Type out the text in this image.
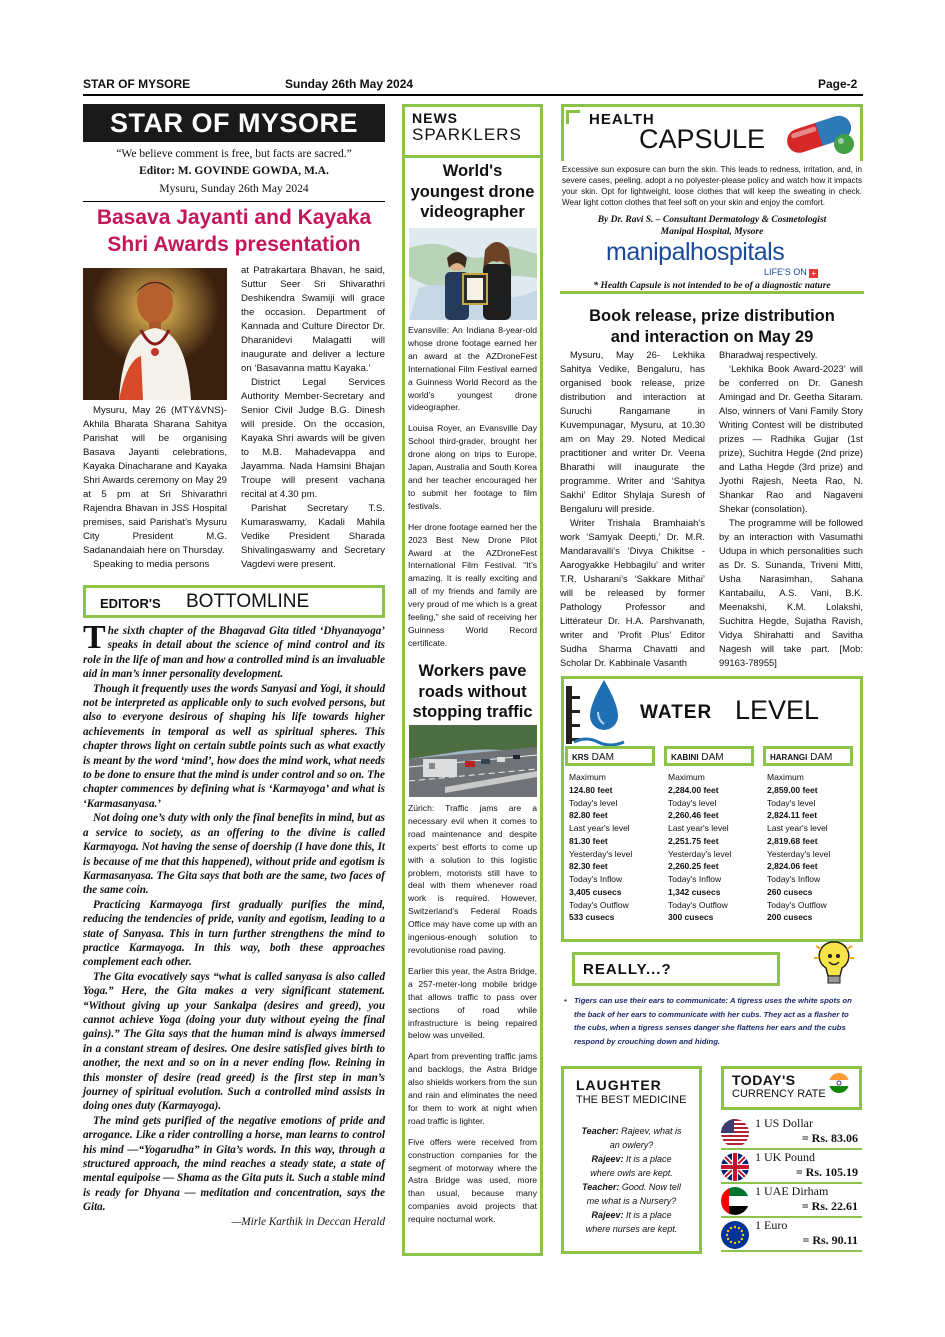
STAR OF MYSORE	Sunday 26th May 2024	Page-2
STAR OF MYSORE
“We believe comment is free, but facts are sacred.”
Editor: M. GOVINDE GOWDA, M.A.
Mysuru, Sunday 26th May 2024
Basava Jayanti and Kayaka
Shri Awards presentation

Mysuru, May 26 (MTY&VNS)- Akhila Bharata Sharana Sahitya Parishat will be organising Basava Jayanti celebrations, Kayaka Dinacharane and Kayaka Shri Awards ceremony on May 29 at 5 pm at Sri Shivarathri Rajendra Bhavan in JSS Hospital premises, said Parishat’s Mysuru City President M.G. Sadanandaiah here on Thursday.

Speaking to media persons

at Patrakartara Bhavan, he said, Suttur Seer Sri Shivarathri Deshikendra Swamiji will grace the occasion. Department of Kannada and Culture Director Dr. Dharanidevi Malagatti will inaugurate and deliver a lecture on ‘Basavanna mattu Kayaka.’

District Legal Services Authority Member-Secretary and Senior Civil Judge B.G. Dinesh will preside. On the occasion, Kayaka Shri awards will be given to M.B. Mahadevappa and Jayamma. Nada Hamsini Bhajan Troupe will present vachana recital at 4.30 pm.

Parishat Secretary T.S. Kumaraswamy, Kadali Mahila Vedike President Sharada Shivalingaswamy and Secretary Vagdevi were present.

EDITOR'S BOTTOMLINE

The sixth chapter of the Bhagavad Gita titled ‘Dhyanayoga’ speaks in detail about the science of mind control and its role in the life of man and how a controlled mind is an invaluable aid in man’s inner personality development.

Though it frequently uses the words Sanyasi and Yogi, it should not be interpreted as applicable only to such evolved persons, but also to everyone desirous of shaping his life towards higher achievements in temporal as well as spiritual spheres. This chapter throws light on certain subtle points such as what exactly is meant by the word ‘mind’, how does the mind work, what needs to be done to ensure that the mind is under control and so on. The chapter commences by defining what is ‘Karmayoga’ and what is ‘Karmasanyasa.’

Not doing one’s duty with only the final benefits in mind, but as a service to society, as an offering to the divine is called Karmayoga. Not having the sense of doership (I have done this, It is because of me that this happened), without pride and egotism is Karmasanyasa. The Gita says that both are the same, two faces of the same coin.

Practicing Karmayoga first gradually purifies the mind, reducing the tendencies of pride, vanity and egotism, leading to a state of Sanyasa. This in turn further strengthens the mind to practice Karmayoga. In this way, both these approaches complement each other.

The Gita evocatively says “what is called sanyasa is also called Yoga.” Here, the Gita makes a very significant statement. “Without giving up your Sankalpa (desires and greed), you cannot achieve Yoga (doing your duty without eyeing the final gains).” The Gita says that the human mind is always immersed in a constant stream of desires. One desire satisfied gives birth to another, the next and so on in a never ending flow. Reining in this monster of desire (read greed) is the first step in man’s journey of spiritual evolution. Such a controlled mind assists in doing ones duty (Karmayoga).

The mind gets purified of the negative emotions of pride and arrogance. Like a rider controlling a horse, man learns to control his mind —“Yogarudha” in Gita’s words. In this way, through a structured approach, the mind reaches a steady state, a state of mental equipoise — Shama as the Gita puts it. Such a stable mind is ready for Dhyana — meditation and concentration, says the Gita.

—Mirle Karthik in Deccan Herald

NEWS
SPARKLERS
World's
youngest drone
videographer

Evansville: An Indiana 8-year-old whose drone footage earned her an award at the AZDroneFest International Film Festival earned a Guinness World Record as the world’s youngest drone videographer.

Louisa Royer, an Evansville Day School third-grader, brought her drone along on trips to Europe, Japan, Australia and South Korea and her teacher encouraged her to submit her footage to film festivals.

Her drone footage earned her the 2023 Best New Drone Pilot Award at the AZDroneFest International Film Festival. “It’s amazing. It is really exciting and all of my friends and family are very proud of me which is a great feeling,” she said of receiving her Guinness World Record certificate.

Workers pave
roads without
stopping traffic

Zürich: Traffic jams are a necessary evil when it comes to road maintenance and despite experts’ best efforts to come up with a solution to this logistic problem, motorists still have to deal with them whenever road work is required. However, Switzerland’s Federal Roads Office may have come up with an ingenious-enough solution to revolutionise road paving.

Earlier this year, the Astra Bridge, a 257-meter-long mobile bridge that allows traffic to pass over sections of road while infrastructure is being repaired below was unveiled.

Apart from preventing traffic jams and backlogs, the Astra Bridge also shields workers from the sun and rain and eliminates the need for them to work at night when road traffic is lighter.

Five offers were received from construction companies for the segment of motorway where the Astra Bridge was used, more than usual, because many companies avoid projects that require nocturnal work.

HEALTH
CAPSULE
Excessive sun exposure can burn the skin. This leads to redness, irritation, and, in severe cases, peeling. adopt a no polyester-please policy and watch how it impacts your skin. Opt for lightweight, loose clothes that will keep the sweating in check. Wear light cotton clothes that feel soft on your skin and enjoy the comfort.
By Dr. Ravi S. – Consultant Dermatology & Cosmetologist
Manipal Hospital, Mysore
manipalhospitals
LIFE'S ON +
* Health Capsule is not intended to be of a diagnostic nature
Book release, prize distribution
and interaction on May 29

Mysuru, May 26- Lekhika Sahitya Vedike, Bengaluru, has organised book release, prize distribution and interaction at Suruchi Rangamane in Kuvempunagar, Mysuru, at 10.30 am on May 29. Noted Medical practitioner and writer Dr. Veena Bharathi will inaugurate the programme. Writer and ‘Sahitya Sakhi’ Editor Shylaja Suresh of Bengaluru will preside.

Writer Trishala Bramhaiah’s work ‘Samyak Deepti,’ Dr. M.R. Mandaravalli’s ‘Divya Chikitse - Aarogyakke Hebbagilu’ and writer T.R. Usharani’s ‘Sakkare Mithai’ will be released by former Pathology Professor and Littérateur Dr. H.A. Parshvanath, writer and ‘Profit Plus’ Editor Sudha Sharma Chavatti and Scholar Dr. Kabbinale Vasanth

Bharadwaj respectively.

‘Lekhika Book Award-2023’ will be conferred on Dr. Ganesh Amingad and Dr. Geetha Sitaram. Also, winners of Vani Family Story Writing Contest will be distributed prizes — Radhika Gujjar (1st prize), Suchitra Hegde (2nd prize) and Latha Hegde (3rd prize) and Jyothi Rajesh, Neeta Rao, N. Shankar Rao and Nagaveni Shekar (consolation).

The programme will be followed by an interaction with Vasumathi Udupa in which personalities such as Dr. S. Sunanda, Triveni Mitti, Usha Narasimhan, Sahana Kantabailu, A.S. Vani, B.K. Meenakshi, K.M. Lolakshi, Suchitra Hegde, Sujatha Ravish, Vidya Shirahatti and Savitha Nagesh will take part. [Mob: 99163-78955]

WATER LEVEL
KRS DAM
Maximum
124.80 feet
Today's level
82.80 feet
Last year's level
81.30 feet
Yesterday's level
82.30 feet
Today's Inflow
3,405 cusecs
Today's Outflow
533 cusecs
KABINI DAM
Maximum
2,284.00 feet
Today's level
2,260.46 feet
Last year's level
2,251.75 feet
Yesterday's level
2,260.25 feet
Today's Inflow
1,342 cusecs
Today's Outflow
300 cusecs
HARANGI DAM
Maximum
2,859.00 feet
Today's level
2,824.11 feet
Last year's level
2,819.68 feet
Yesterday's level
2,824.06 feet
Today's Inflow
260 cusecs
Today's Outflow
200 cusecs
REALLY...?
• Tigers can use their ears to communicate: A tigress uses the white spots on the back of her ears to communicate with her cubs. They act as a flasher to the cubs, when a tigress senses danger she flattens her ears and the cubs respond by crouching down and hiding.
LAUGHTER
THE BEST MEDICINE
Teacher: Rajeev, what is an owlery?
Rajeev: It is a place where owls are kept.
Teacher: Good. Now tell me what is a Nursery?
Rajeev: It is a place where nurses are kept.
TODAY'S
CURRENCY RATE
1 US Dollar
= Rs. 83.06
1 UK Pound
= Rs. 105.19
1 UAE Dirham
= Rs. 22.61
1 Euro
= Rs. 90.11
